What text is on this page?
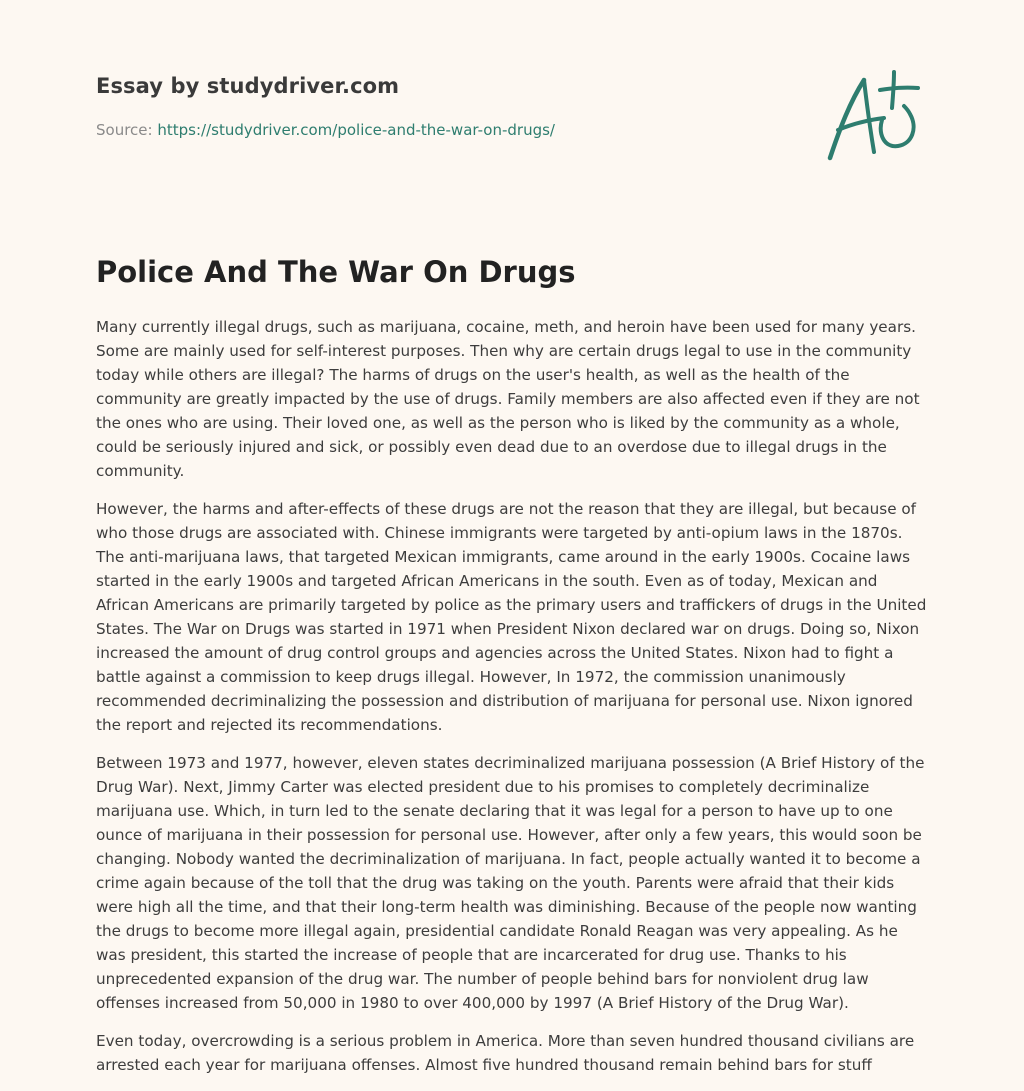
Essay by studydriver.com
Source: https://studydriver.com/police-and-the-war-on-drugs/
Police And The War On Drugs

Many currently illegal drugs, such as marijuana, cocaine, meth, and heroin have been used for many years. Some are mainly used for self-interest purposes. Then why are certain drugs legal to use in the community today while others are illegal? The harms of drugs on the user's health, as well as the health of the community are greatly impacted by the use of drugs. Family members are also affected even if they are not the ones who are using. Their loved one, as well as the person who is liked by the community as a whole, could be seriously injured and sick, or possibly even dead due to an overdose due to illegal drugs in the community.

However, the harms and after-effects of these drugs are not the reason that they are illegal, but because of who those drugs are associated with. Chinese immigrants were targeted by anti-opium laws in the 1870s. The anti-marijuana laws, that targeted Mexican immigrants, came around in the early 1900s. Cocaine laws started in the early 1900s and targeted African Americans in the south. Even as of today, Mexican and African Americans are primarily targeted by police as the primary users and traffickers of drugs in the United States. The War on Drugs was started in 1971 when President Nixon declared war on drugs. Doing so, Nixon increased the amount of drug control groups and agencies across the United States. Nixon had to fight a battle against a commission to keep drugs illegal. However, In 1972, the commission unanimously recommended decriminalizing the possession and distribution of marijuana for personal use. Nixon ignored the report and rejected its recommendations.

Between 1973 and 1977, however, eleven states decriminalized marijuana possession (A Brief History of the Drug War). Next, Jimmy Carter was elected president due to his promises to completely decriminalize marijuana use. Which, in turn led to the senate declaring that it was legal for a person to have up to one ounce of marijuana in their possession for personal use. However, after only a few years, this would soon be changing. Nobody wanted the decriminalization of marijuana. In fact, people actually wanted it to become a crime again because of the toll that the drug was taking on the youth. Parents were afraid that their kids were high all the time, and that their long-term health was diminishing. Because of the people now wanting the drugs to become more illegal again, presidential candidate Ronald Reagan was very appealing. As he was president, this started the increase of people that are incarcerated for drug use. Thanks to his unprecedented expansion of the drug war. The number of people behind bars for nonviolent drug law offenses increased from 50,000 in 1980 to over 400,000 by 1997 (A Brief History of the Drug War).

Even today, overcrowding is a serious problem in America. More than seven hundred thousand civilians are arrested each year for marijuana offenses. Almost five hundred thousand remain behind bars for stuff
